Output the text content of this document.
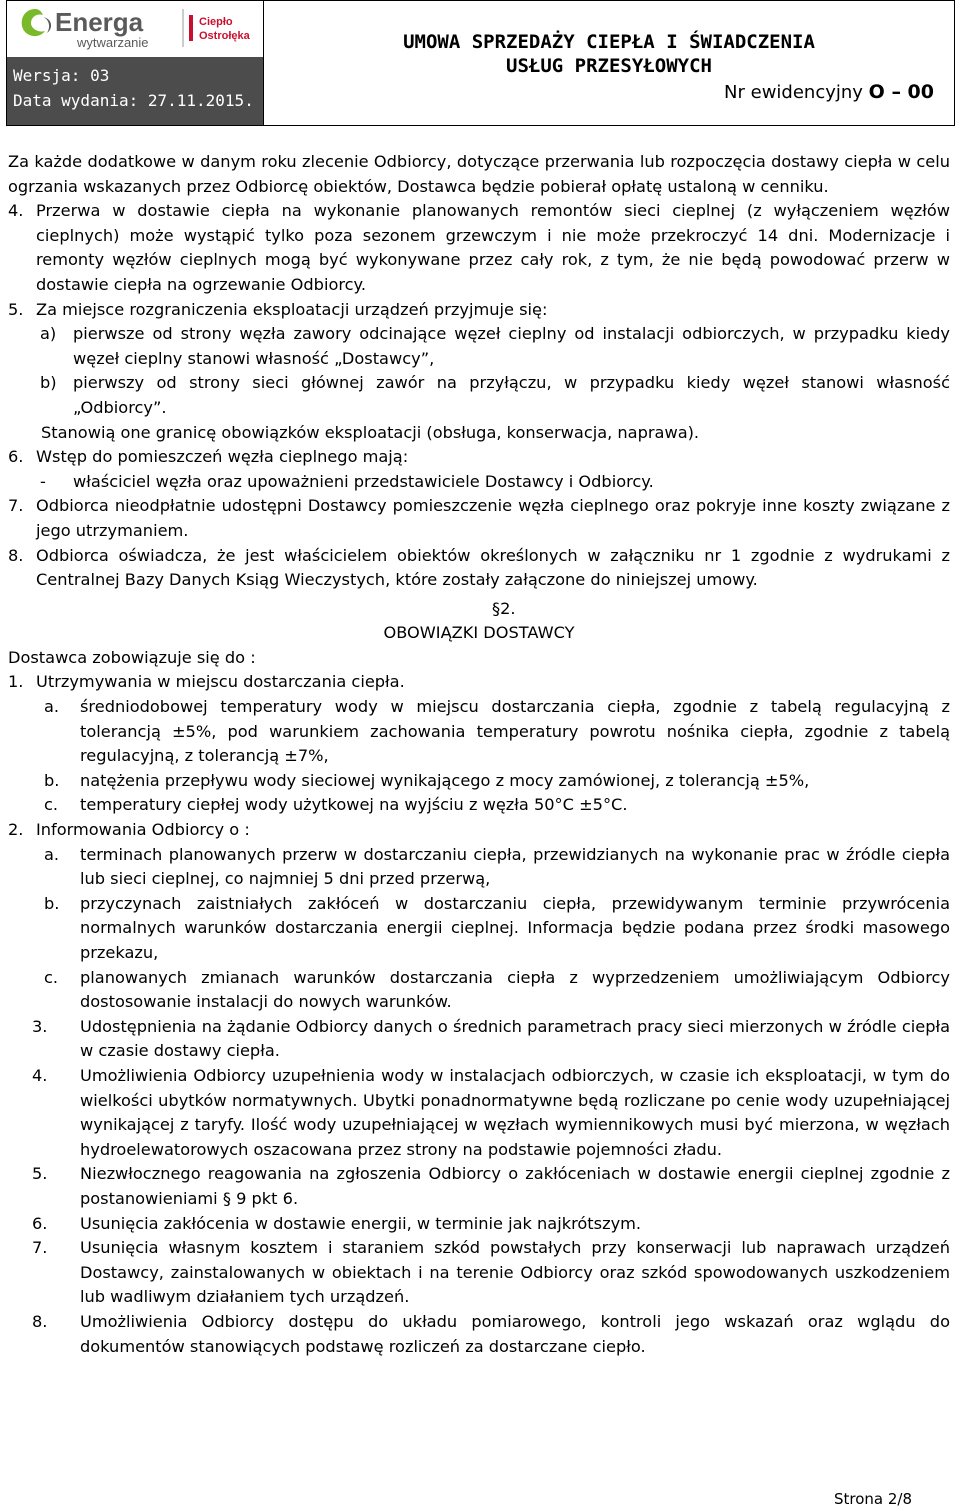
Energa
wytwarzanie
Ciepło
Ostrołęka
Wersja: 03
Data wydania: 27.11.2015.
UMOWA SPRZEDAŻY CIEPŁA I ŚWIADCZENIA
USŁUG PRZESYŁOWYCH
Nr ewidencyjny O – 00

Za każde dodatkowe w danym roku zlecenie Odbiorcy, dotyczące przerwania lub rozpoczęcia dostawy ciepła w celu ogrzania wskazanych przez Odbiorcę obiektów, Dostawca będzie pobierał opłatę ustaloną w cenniku.

4. Przerwa w dostawie ciepła na wykonanie planowanych remontów sieci cieplnej (z wyłączeniem węzłów cieplnych) może wystąpić tylko poza sezonem grzewczym i nie może przekroczyć 14 dni. Modernizacje i remonty węzłów cieplnych mogą być wykonywane przez cały rok, z tym, że nie będą powodować przerw w dostawie ciepła na ogrzewanie Odbiorcy.
5. Za miejsce rozgraniczenia eksploatacji urządzeń przyjmuje się:
a) pierwsze od strony węzła zawory odcinające węzeł cieplny od instalacji odbiorczych, w przypadku kiedy węzeł cieplny stanowi własność „Dostawcy”,
b) pierwszy od strony sieci głównej zawór na przyłączu, w przypadku kiedy węzeł stanowi własność „Odbiorcy”.
Stanowią one granicę obowiązków eksploatacji (obsługa, konserwacja, naprawa).
6. Wstęp do pomieszczeń węzła cieplnego mają:
- właściciel węzła oraz upoważnieni przedstawiciele Dostawcy i Odbiorcy.
7. Odbiorca nieodpłatnie udostępni Dostawcy pomieszczenie węzła cieplnego oraz pokryje inne koszty związane z jego utrzymaniem.
8. Odbiorca oświadcza, że jest właścicielem obiektów określonych w załączniku nr 1 zgodnie z wydrukami z Centralnej Bazy Danych Ksiąg Wieczystych, które zostały załączone do niniejszej umowy.
§2.
OBOWIĄZKI DOSTAWCY
Dostawca zobowiązuje się do :
1. Utrzymywania w miejscu dostarczania ciepła.
a. średniodobowej temperatury wody w miejscu dostarczania ciepła, zgodnie z tabelą regulacyjną z tolerancją ±5%, pod warunkiem zachowania temperatury powrotu nośnika ciepła, zgodnie z tabelą regulacyjną, z tolerancją ±7%,
b. natężenia przepływu wody sieciowej wynikającego z mocy zamówionej, z tolerancją ±5%,
c. temperatury ciepłej wody użytkowej na wyjściu z węzła 50°C ±5°C.
2. Informowania Odbiorcy o :
a. terminach planowanych przerw w dostarczaniu ciepła, przewidzianych na wykonanie prac w źródle ciepła lub sieci cieplnej, co najmniej 5 dni przed przerwą,
b. przyczynach zaistniałych zakłóceń w dostarczaniu ciepła, przewidywanym terminie przywrócenia normalnych warunków dostarczania energii cieplnej. Informacja będzie podana przez środki masowego przekazu,
c. planowanych zmianach warunków dostarczania ciepła z wyprzedzeniem umożliwiającym Odbiorcy dostosowanie instalacji do nowych warunków.
3. Udostępnienia na żądanie Odbiorcy danych o średnich parametrach pracy sieci mierzonych w źródle ciepła w czasie dostawy ciepła.
4. Umożliwienia Odbiorcy uzupełnienia wody w instalacjach odbiorczych, w czasie ich eksploatacji, w tym do wielkości ubytków normatywnych. Ubytki ponadnormatywne będą rozliczane po cenie wody uzupełniającej wynikającej z taryfy. Ilość wody uzupełniającej w węzłach wymiennikowych musi być mierzona, w węzłach hydroelewatorowych oszacowana przez strony na podstawie pojemności zładu.
5. Niezwłocznego reagowania na zgłoszenia Odbiorcy o zakłóceniach w dostawie energii cieplnej zgodnie z postanowieniami § 9 pkt 6.
6. Usunięcia zakłócenia w dostawie energii, w terminie jak najkrótszym.
7. Usunięcia własnym kosztem i staraniem szkód powstałych przy konserwacji lub naprawach urządzeń Dostawcy, zainstalowanych w obiektach i na terenie Odbiorcy oraz szkód spowodowanych uszkodzeniem lub wadliwym działaniem tych urządzeń.
8. Umożliwienia Odbiorcy dostępu do układu pomiarowego, kontroli jego wskazań oraz wglądu do dokumentów stanowiących podstawę rozliczeń za dostarczane ciepło.
Strona 2/8
